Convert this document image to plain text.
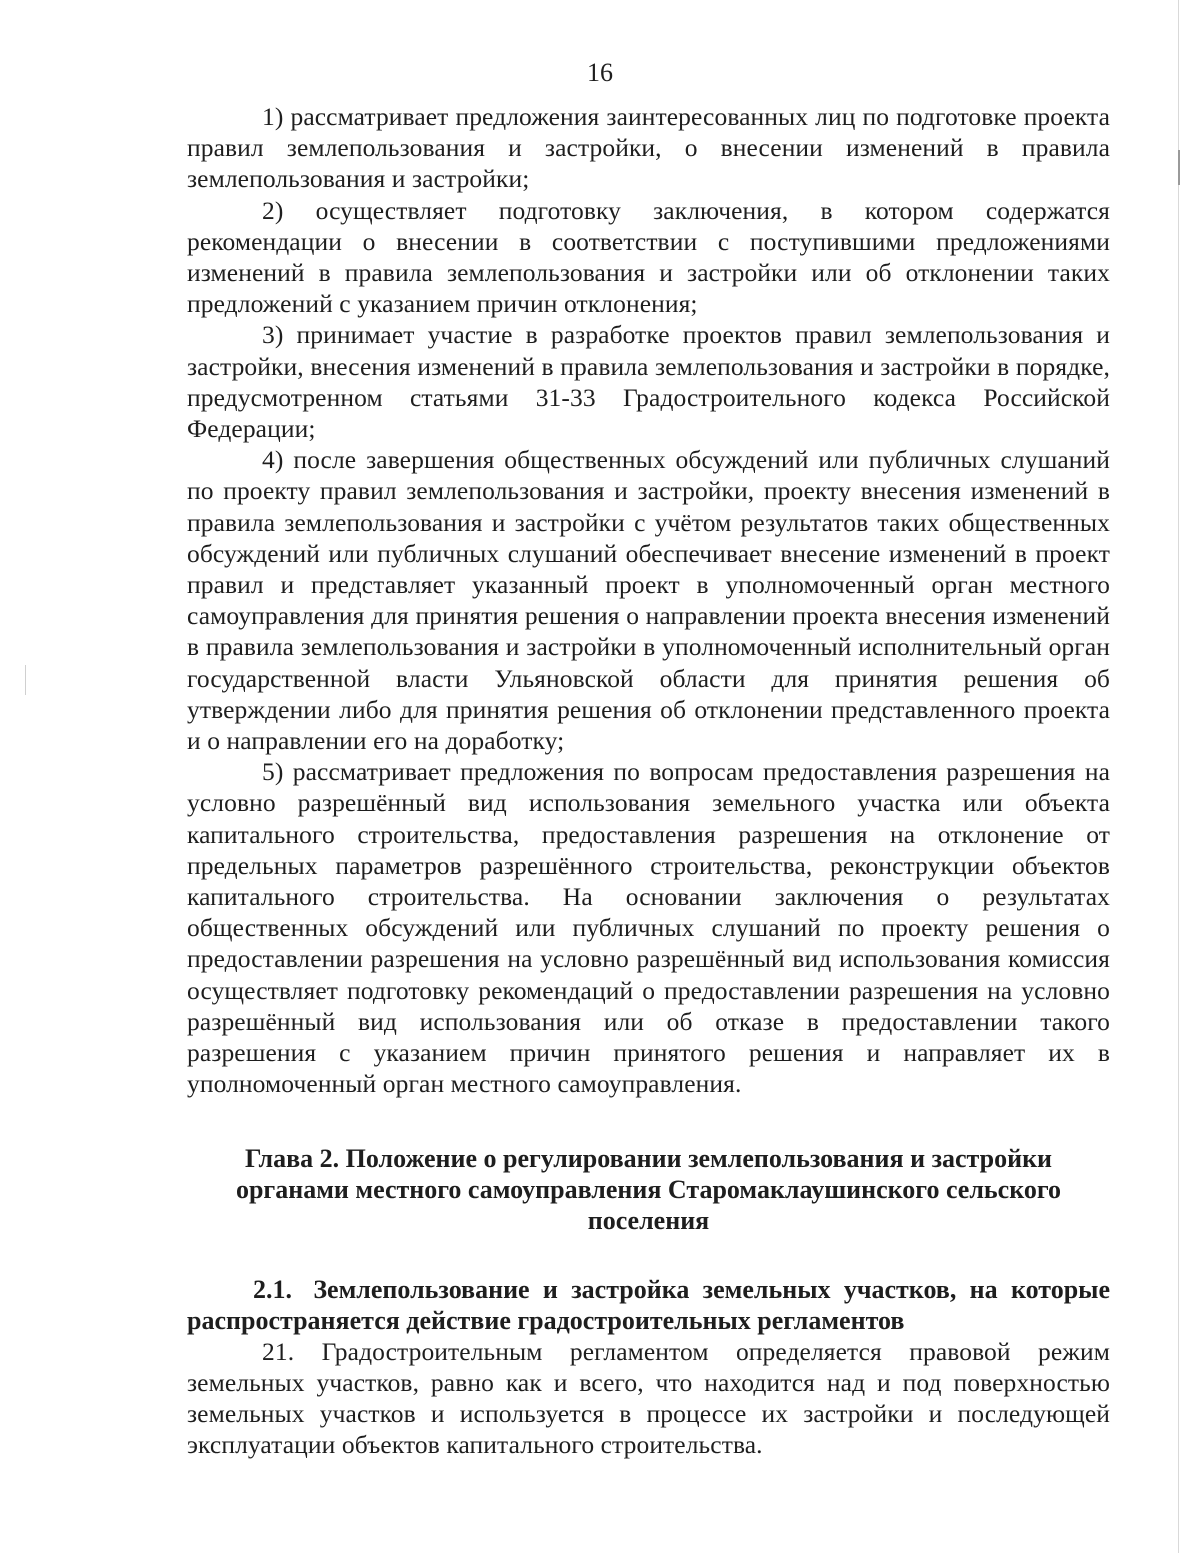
16

1) рассматривает предложения заинтересованных лиц по подготовке проекта правил землепользования и застройки, о внесении изменений в правила землепользования и застройки;

2) осуществляет подготовку заключения, в котором содержатся рекомендации о внесении в соответствии с поступившими предложениями изменений в правила землепользования и застройки или об отклонении таких предложений с указанием причин отклонения;

3) принимает участие в разработке проектов правил землепользования и застройки, внесения изменений в правила землепользования и застройки в порядке, предусмотренном статьями 31-33 Градостроительного кодекса Российской Федерации;

4) после завершения общественных обсуждений или публичных слушаний по проекту правил землепользования и застройки, проекту внесения изменений в правила землепользования и застройки с учётом результатов таких общественных обсуждений или публичных слушаний обеспечивает внесение изменений в проект правил и представляет указанный проект в уполномоченный орган местного самоуправления для принятия решения о направлении проекта внесения изменений в правила землепользования и застройки в уполномоченный исполнительный орган государственной власти Ульяновской области для принятия решения об утверждении либо для принятия решения об отклонении представленного проекта и о направлении его на доработку;

5) рассматривает предложения по вопросам предоставления разрешения на условно разрешённый вид использования земельного участка или объекта капитального строительства, предоставления разрешения на отклонение от предельных параметров разрешённого строительства, реконструкции объектов капитального строительства. На основании заключения о результатах общественных обсуждений или публичных слушаний по проекту решения о предоставлении разрешения на условно разрешённый вид использования комиссия осуществляет подготовку рекомендаций о предоставлении разрешения на условно разрешённый вид использования или об отказе в предоставлении такого разрешения с указанием причин принятого решения и направляет их в уполномоченный орган местного самоуправления.

Глава 2. Положение о регулировании землепользования и застройки органами местного самоуправления Старомаклаушинского сельского поселения
2.1. Землепользование и застройка земельных участков, на которые распространяется действие градостроительных регламентов

21. Градостроительным регламентом определяется правовой режим земельных участков, равно как и всего, что находится над и под поверхностью земельных участков и используется в процессе их застройки и последующей эксплуатации объектов капитального строительства.
